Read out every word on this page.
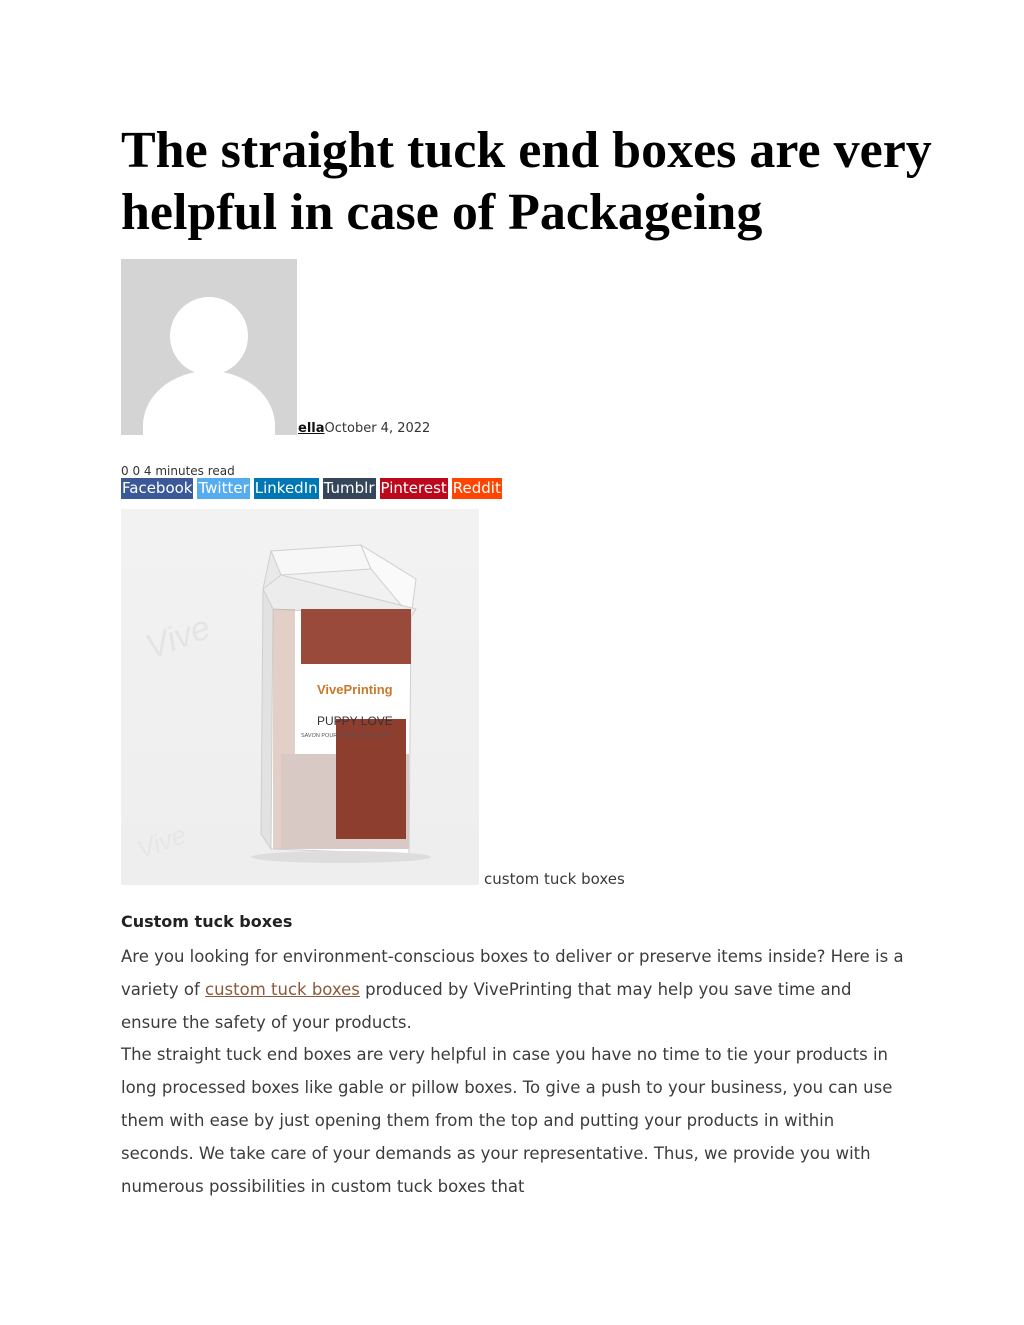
The straight tuck end boxes are very helpful in case of Packageing
ellaOctober 4, 2022
0 0 4 minutes read
Facebook Twitter LinkedIn Tumblr Pinterest Reddit
Vive
Vive
VivePrinting
PUPPY LOVE
SAVON POUR CHIEN / DOG SOAP
custom tuck boxes
Custom tuck boxes

Are you looking for environment-conscious boxes to deliver or preserve items inside? Here is a variety of custom tuck boxes produced by VivePrinting that may help you save time and ensure the safety of your products.

The straight tuck end boxes are very helpful in case you have no time to tie your products in long processed boxes like gable or pillow boxes. To give a push to your business, you can use them with ease by just opening them from the top and putting your products in within seconds. We take care of your demands as your representative. Thus, we provide you with numerous possibilities in custom tuck boxes that
